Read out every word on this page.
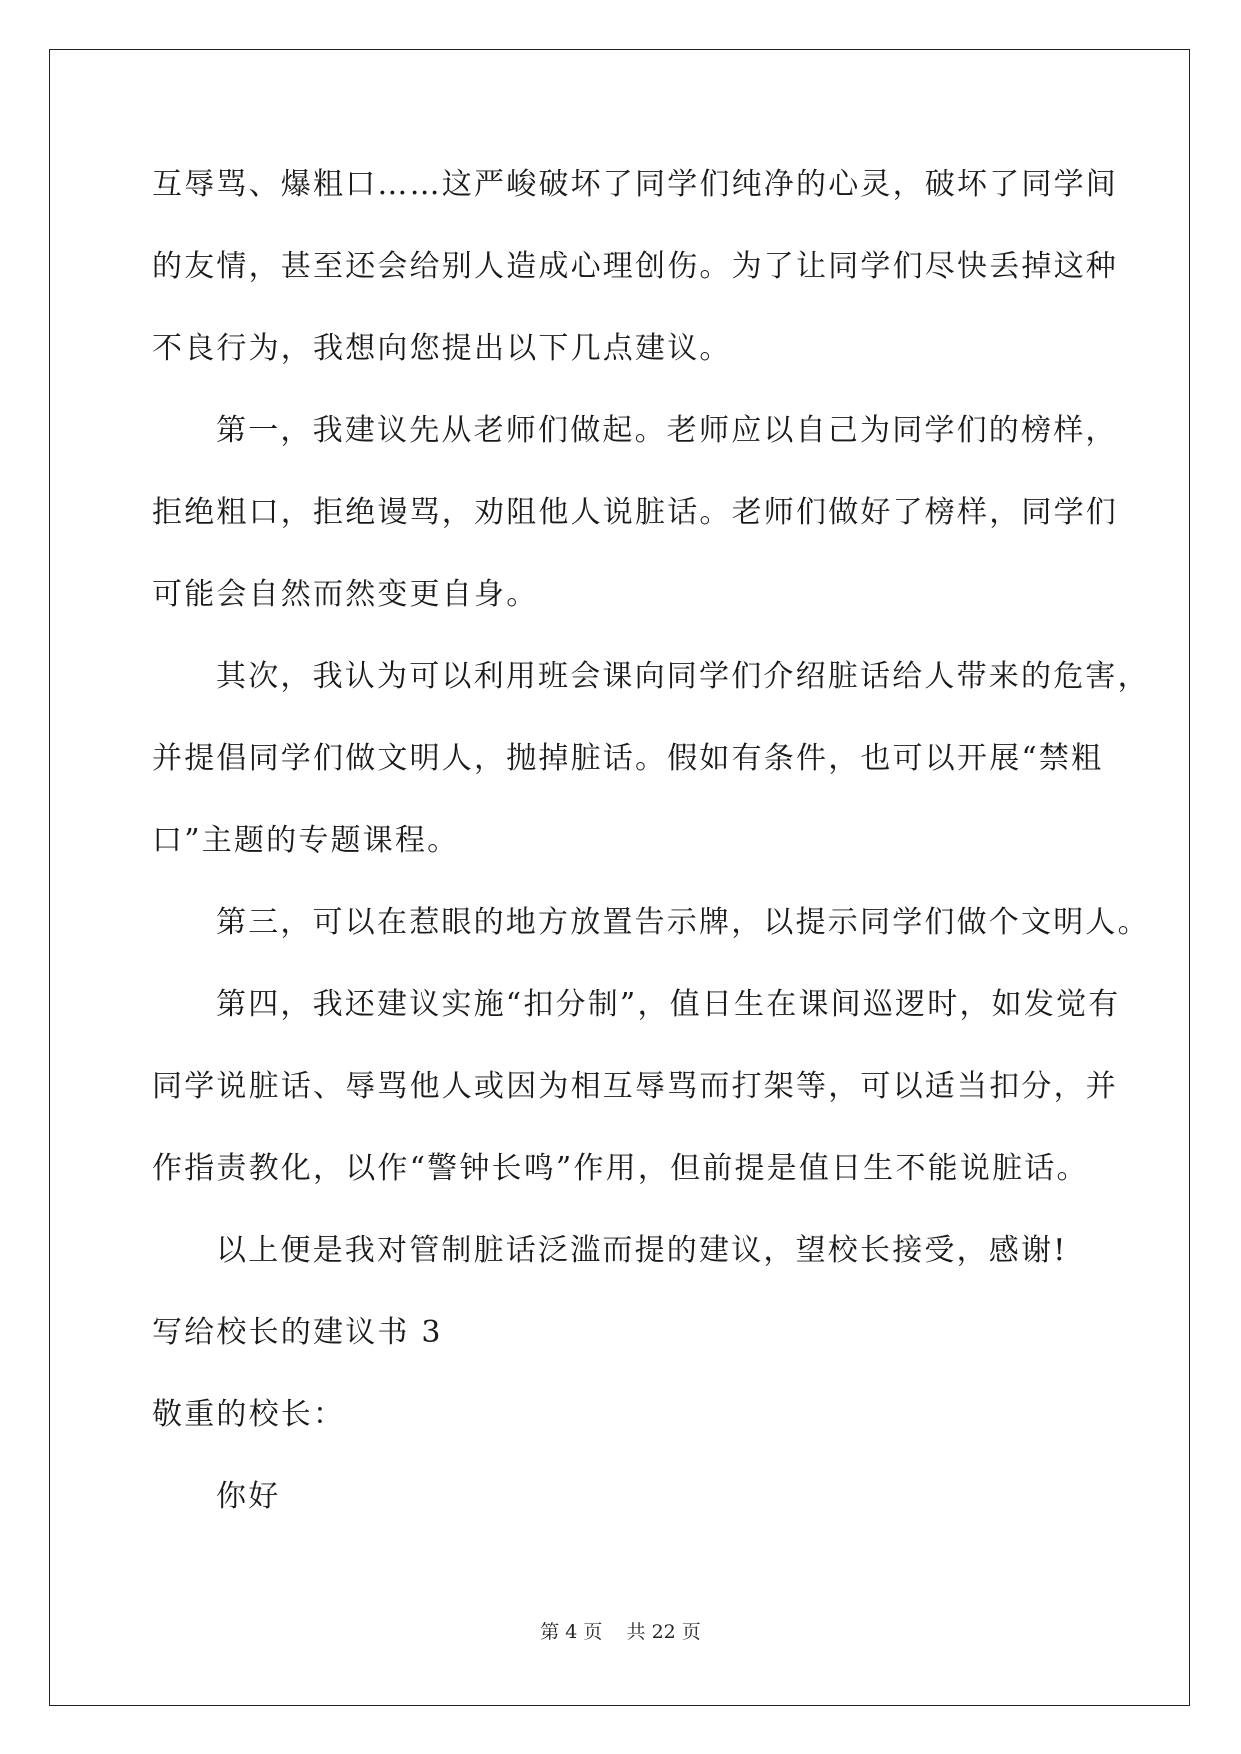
互辱骂、爆粗口……这严峻破坏了同学们纯净的心灵，破坏了同学间
的友情，甚至还会给别人造成心理创伤。为了让同学们尽快丢掉这种
不良行为，我想向您提出以下几点建议。
第一，我建议先从老师们做起。老师应以自己为同学们的榜样，
拒绝粗口，拒绝谩骂，劝阻他人说脏话。老师们做好了榜样，同学们
可能会自然而然变更自身。
其次，我认为可以利用班会课向同学们介绍脏话给人带来的危害，
并提倡同学们做文明人，抛掉脏话。假如有条件，也可以开展“禁粗
口”主题的专题课程。
第三，可以在惹眼的地方放置告示牌，以提示同学们做个文明人。
第四，我还建议实施“扣分制”，值日生在课间巡逻时，如发觉有
同学说脏话、辱骂他人或因为相互辱骂而打架等，可以适当扣分，并
作指责教化，以作“警钟长鸣”作用，但前提是值日生不能说脏话。
以上便是我对管制脏话泛滥而提的建议，望校长接受，感谢!
写给校长的建议书 3
敬重的校长：
你好
第 4 页 共 22 页
